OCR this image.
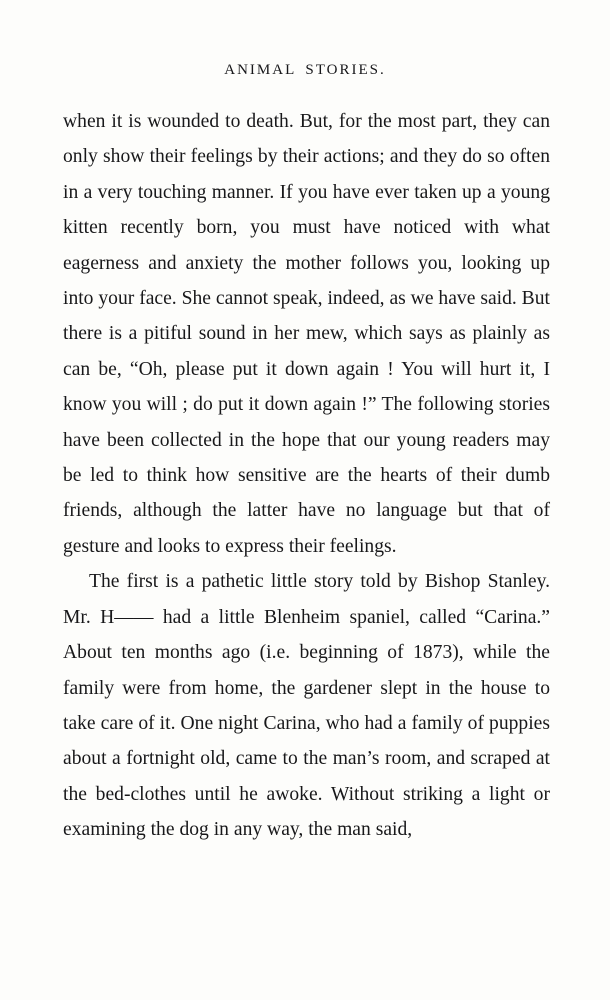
ANIMAL STORIES.

when it is wounded to death. But, for the most part, they can only show their feelings by their actions; and they do so often in a very touching manner. If you have ever taken up a young kitten recently born, you must have noticed with what eagerness and anxiety the mother follows you, looking up into your face. She cannot speak, indeed, as we have said. But there is a pitiful sound in her mew, which says as plainly as can be, “Oh, please put it down again ! You will hurt it, I know you will ; do put it down again !” The following stories have been collected in the hope that our young readers may be led to think how sensitive are the hearts of their dumb friends, although the latter have no language but that of gesture and looks to express their feelings.

The first is a pathetic little story told by Bishop Stanley. Mr. H—— had a little Blenheim spaniel, called “Carina.” About ten months ago (i.e. beginning of 1873), while the family were from home, the gardener slept in the house to take care of it. One night Carina, who had a family of puppies about a fortnight old, came to the man’s room, and scraped at the bed-clothes until he awoke. Without striking a light or examining the dog in any way, the man said,
